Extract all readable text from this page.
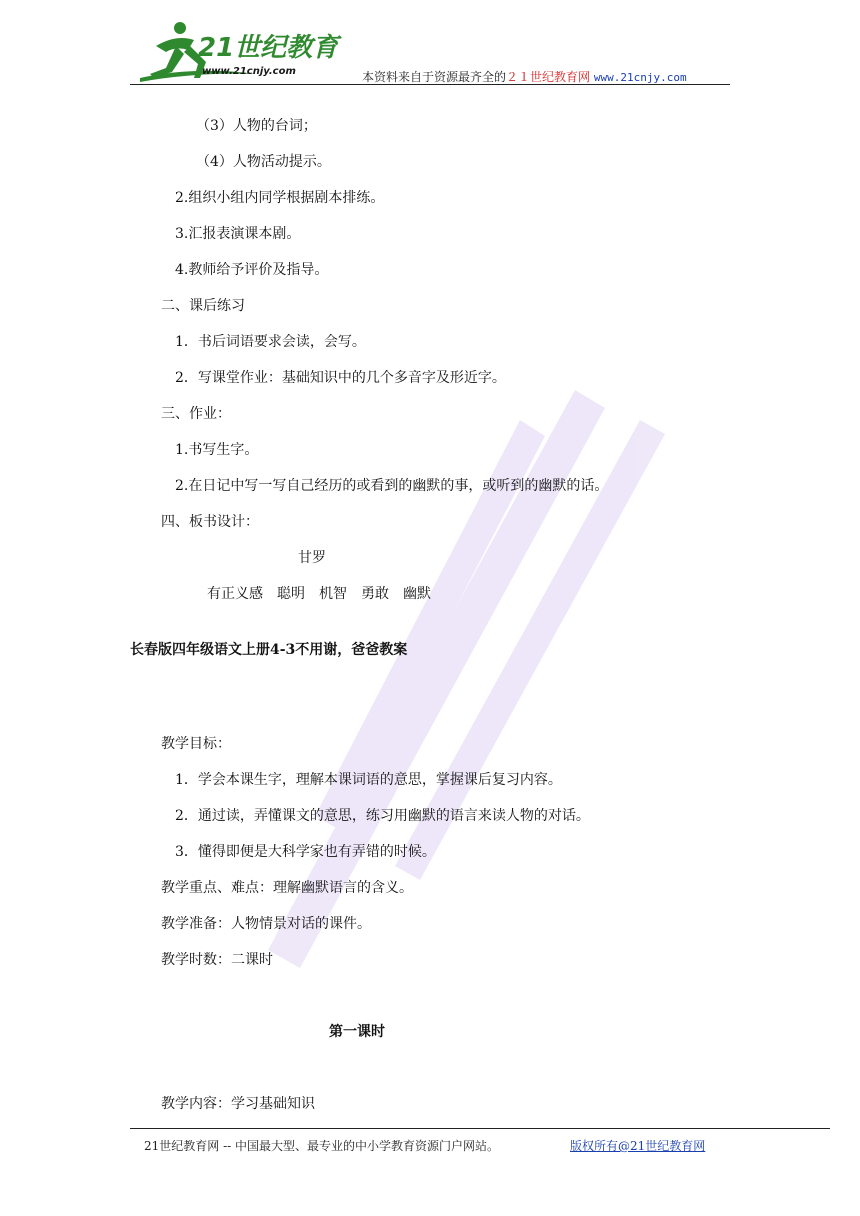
21世纪教育
www.21cnjy.com	本资料来自于资源最齐全的２１世纪教育网 www.21cnjy.com
（3）人物的台词；
（4）人物活动提示。
2.组织小组内同学根据剧本排练。
3.汇报表演课本剧。
4.教师给予评价及指导。
二、课后练习
1．书后词语要求会读，会写。
2．写课堂作业：基础知识中的几个多音字及形近字。
三、作业：
1.书写生字。
2.在日记中写一写自己经历的或看到的幽默的事，或听到的幽默的话。
四、板书设计：
甘罗
有正义感　聪明　机智　勇敢　幽默
长春版四年级语文上册4-3不用谢，爸爸教案
教学目标：
1．学会本课生字，理解本课词语的意思，掌握课后复习内容。
2．通过读，弄懂课文的意思，练习用幽默的语言来读人物的对话。
3．懂得即便是大科学家也有弄错的时候。
教学重点、难点：理解幽默语言的含义。
教学准备：人物情景对话的课件。
教学时数：二课时
第一课时
教学内容：学习基础知识
21世纪教育网 -- 中国最大型、最专业的中小学教育资源门户网站。	版权所有@21世纪教育网
